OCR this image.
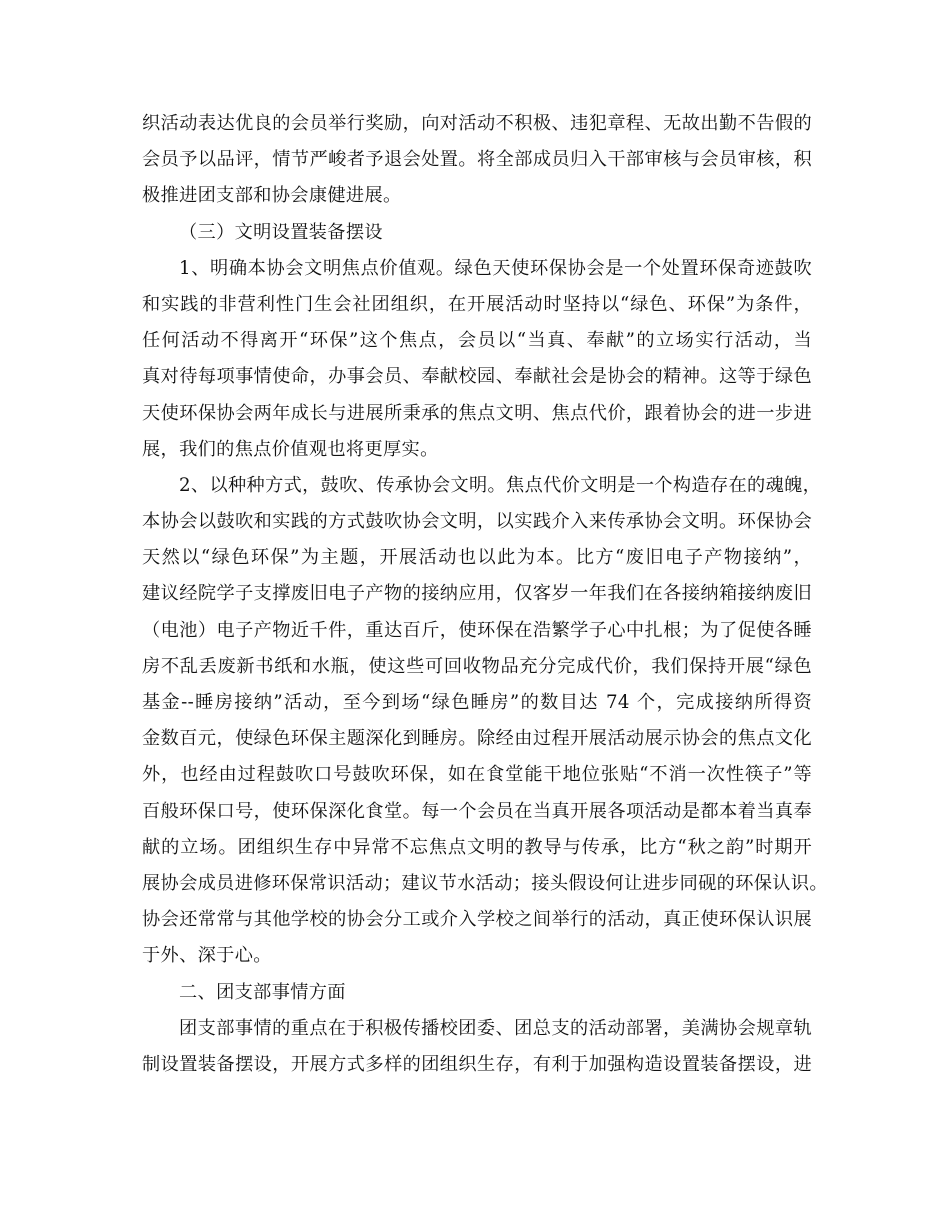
织活动表达优良的会员举行奖励，向对活动不积极、违犯章程、无故出勤不告假的
会员予以品评，情节严峻者予退会处置。将全部成员归入干部审核与会员审核，积
极推进团支部和协会康健进展。
（三）文明设置装备摆设
1、明确本协会文明焦点价值观。绿色天使环保协会是一个处置环保奇迹鼓吹
和实践的非营利性门生会社团组织，在开展活动时坚持以“绿色、环保”为条件，
任何活动不得离开“环保”这个焦点，会员以“当真、奉献”的立场实行活动，当
真对待每项事情使命，办事会员、奉献校园、奉献社会是协会的精神。这等于绿色
天使环保协会两年成长与进展所秉承的焦点文明、焦点代价，跟着协会的进一步进
展，我们的焦点价值观也将更厚实。
2、以种种方式，鼓吹、传承协会文明。焦点代价文明是一个构造存在的魂魄，
本协会以鼓吹和实践的方式鼓吹协会文明，以实践介入来传承协会文明。环保协会
天然以“绿色环保”为主题，开展活动也以此为本。比方“废旧电子产物接纳”，
建议经院学子支撑废旧电子产物的接纳应用，仅客岁一年我们在各接纳箱接纳废旧
（电池）电子产物近千件，重达百斤，使环保在浩繁学子心中扎根；为了促使各睡
房不乱丢废新书纸和水瓶，使这些可回收物品充分完成代价，我们保持开展“绿色
基金--睡房接纳”活动，至今到场“绿色睡房”的数目达 74 个，完成接纳所得资
金数百元，使绿色环保主题深化到睡房。除经由过程开展活动展示协会的焦点文化
外，也经由过程鼓吹口号鼓吹环保，如在食堂能干地位张贴“不消一次性筷子”等
百般环保口号，使环保深化食堂。每一个会员在当真开展各项活动是都本着当真奉
献的立场。团组织生存中异常不忘焦点文明的教导与传承，比方“秋之韵”时期开
展协会成员进修环保常识活动；建议节水活动；接头假设何让进步同砚的环保认识。
协会还常常与其他学校的协会分工或介入学校之间举行的活动，真正使环保认识展
于外、深于心。
二、团支部事情方面
团支部事情的重点在于积极传播校团委、团总支的活动部署，美满协会规章轨
制设置装备摆设，开展方式多样的团组织生存，有利于加强构造设置装备摆设，进
